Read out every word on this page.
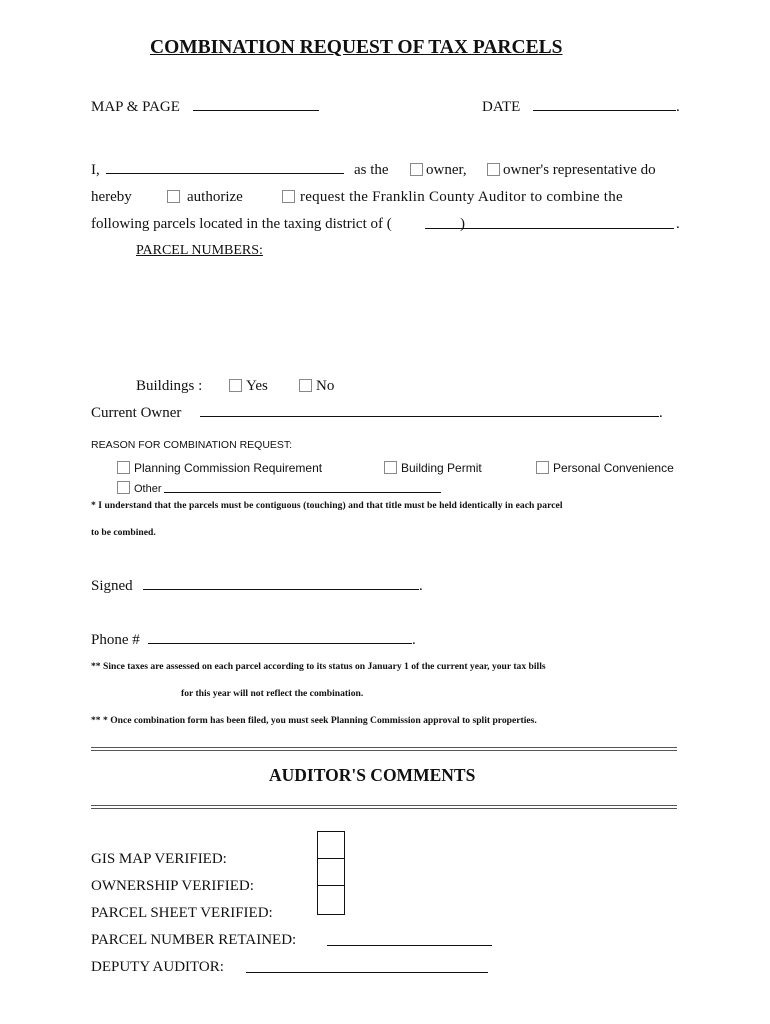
COMBINATION REQUEST OF TAX PARCELS
MAP & PAGE	DATE	.
I,	as the owner, owner's representative do
hereby	authorize	request the Franklin County Auditor to combine the
following parcels located in the taxing district of (	)	.
PARCEL NUMBERS:
Buildings :	Yes	No
Current Owner	.
REASON FOR COMBINATION REQUEST:
Planning Commission Requirement	Building Permit	Personal Convenience
Other
* I understand that the parcels must be contiguous (touching) and that title must be held identically in each parcel
to be combined.
Signed	.
Phone #	.
** Since taxes are assessed on each parcel according to its status on January 1 of the current year, your tax bills
for this year will not reflect the combination.
** * Once combination form has been filed, you must seek Planning Commission approval to split properties.
AUDITOR'S COMMENTS
GIS MAP VERIFIED:
OWNERSHIP VERIFIED:
PARCEL SHEET VERIFIED:
PARCEL NUMBER RETAINED:
DEPUTY AUDITOR:
